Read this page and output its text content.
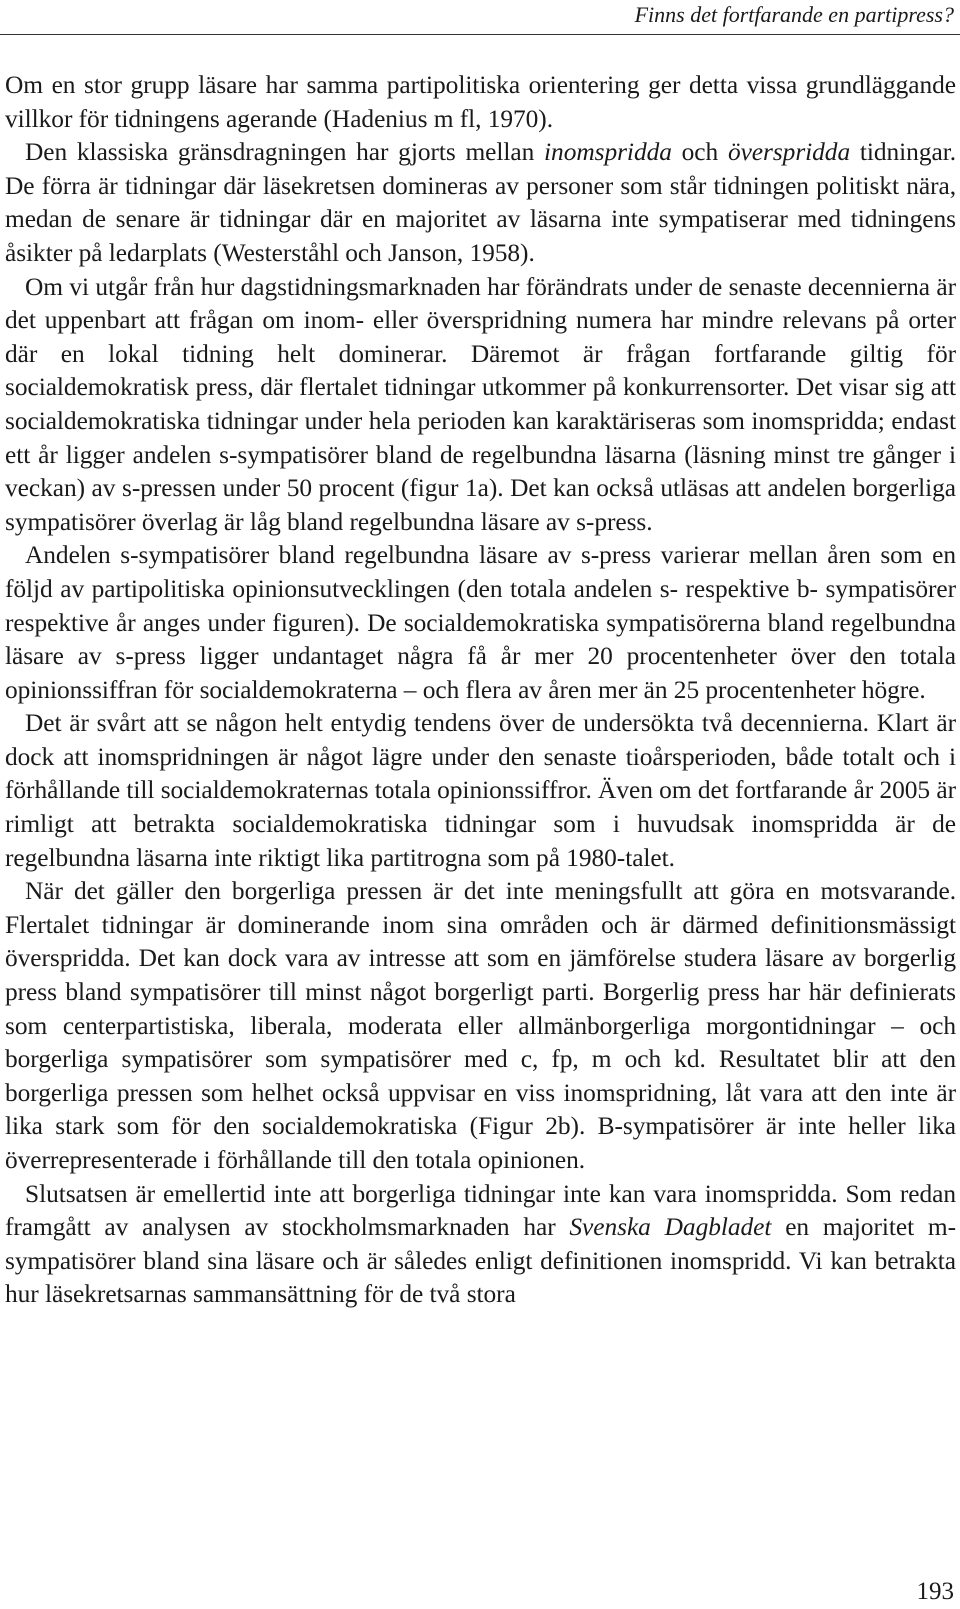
Finns det fortfarande en partipress?

Om en stor grupp läsare har samma partipolitiska orientering ger detta vissa grundläggande villkor för tidningens agerande (Hadenius m fl, 1970).

Den klassiska gränsdragningen har gjorts mellan inomspridda och överspridda tidningar. De förra är tidningar där läsekretsen domineras av personer som står tidningen politiskt nära, medan de senare är tidningar där en majoritet av läsarna inte sympatiserar med tidningens åsikter på ledarplats (Westerståhl och Janson, 1958).

Om vi utgår från hur dagstidningsmarknaden har förändrats under de senaste decennierna är det uppenbart att frågan om inom- eller överspridning numera har mindre relevans på orter där en lokal tidning helt dominerar. Däremot är frågan fortfarande giltig för socialdemokratisk press, där flertalet tidningar utkommer på konkurrensorter. Det visar sig att socialdemokratiska tidningar under hela perioden kan karaktäriseras som inomspridda; endast ett år ligger andelen s-sympatisörer bland de regelbundna läsarna (läsning minst tre gånger i veckan) av s-pressen under 50 procent (figur 1a). Det kan också utläsas att andelen borgerliga sympatisörer överlag är låg bland regelbundna läsare av s-press.

Andelen s-sympatisörer bland regelbundna läsare av s-press varierar mellan åren som en följd av partipolitiska opinionsutvecklingen (den totala andelen s- respektive b- sympatisörer respektive år anges under figuren). De socialdemokratiska sympatisörerna bland regelbundna läsare av s-press ligger undantaget några få år mer 20 procentenheter över den totala opinionssiffran för socialdemokraterna – och flera av åren mer än 25 procentenheter högre.

Det är svårt att se någon helt entydig tendens över de undersökta två decennierna. Klart är dock att inomspridningen är något lägre under den senaste tioårsperioden, både totalt och i förhållande till socialdemokraternas totala opinionssiffror. Även om det fortfarande år 2005 är rimligt att betrakta socialdemokratiska tidningar som i huvudsak inomspridda är de regelbundna läsarna inte riktigt lika partitrogna som på 1980-talet.

När det gäller den borgerliga pressen är det inte meningsfullt att göra en motsvarande. Flertalet tidningar är dominerande inom sina områden och är därmed definitionsmässigt överspridda. Det kan dock vara av intresse att som en jämförelse studera läsare av borgerlig press bland sympatisörer till minst något borgerligt parti. Borgerlig press har här definierats som centerpartistiska, liberala, moderata eller allmänborgerliga morgontidningar – och borgerliga sympatisörer som sympatisörer med c, fp, m och kd. Resultatet blir att den borgerliga pressen som helhet också uppvisar en viss inomspridning, låt vara att den inte är lika stark som för den socialdemokratiska (Figur 2b). B-sympatisörer är inte heller lika överrepresenterade i förhållande till den totala opinionen.

Slutsatsen är emellertid inte att borgerliga tidningar inte kan vara inomspridda. Som redan framgått av analysen av stockholmsmarknaden har Svenska Dagbladet en majoritet m-sympatisörer bland sina läsare och är således enligt definitionen inomspridd. Vi kan betrakta hur läsekretsarnas sammansättning för de två stora

193
